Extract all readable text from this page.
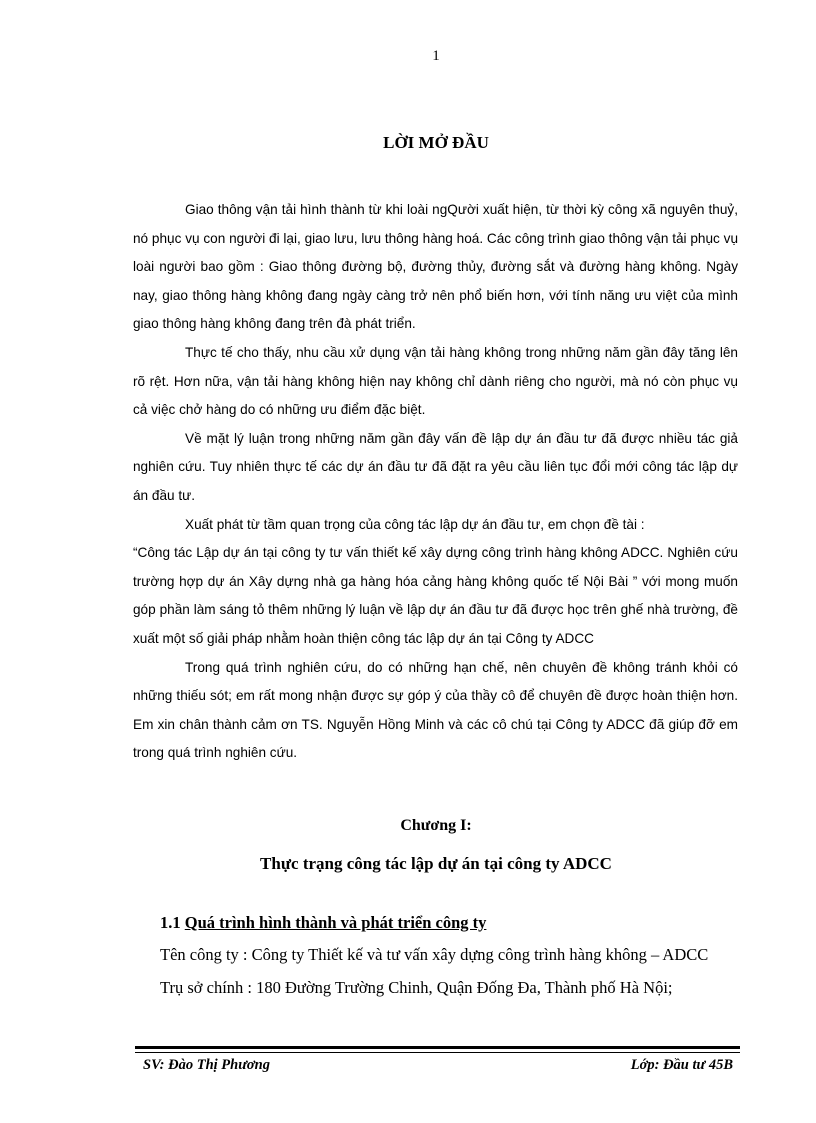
1
LỜI MỞ ĐẦU

Giao thông vận tải hình thành từ khi loài ngQười xuất hiện, từ thời kỳ công xã nguyên thuỷ, nó phục vụ con người đi lại, giao lưu, lưu thông hàng hoá. Các công trình giao thông vận tải phục vụ loài người bao gồm : Giao thông đường bộ, đường thủy, đường sắt và đường hàng không. Ngày nay, giao thông hàng không đang ngày càng trở nên phổ biến hơn, với tính năng ưu việt của mình giao thông hàng không đang trên đà phát triển.

Thực tế cho thấy, nhu cầu xử dụng vận tải hàng không trong những năm gần đây tăng lên rõ rệt. Hơn nữa, vận tải hàng không hiện nay không chỉ dành riêng cho người, mà nó còn phục vụ cả việc chở hàng do có những ưu điểm đặc biệt.

Về mặt lý luận trong những năm gần đây vấn đề lập dự án đầu tư đã được nhiều tác giả nghiên cứu. Tuy nhiên thực tế các dự án đầu tư đã đặt ra yêu cầu liên tục đổi mới công tác lập dự án đầu tư.

Xuất phát từ tầm quan trọng của công tác lập dự án đầu tư, em chọn đề tài :

“Công tác Lập dự án tại công ty tư vấn thiết kế xây dựng công trình hàng không ADCC. Nghiên cứu trường hợp dự án Xây dựng nhà ga hàng hóa cảng hàng không quốc tế Nội Bài ” với mong muốn góp phần làm sáng tỏ thêm những lý luận về lập dự án đầu tư đã được học trên ghế nhà trường, đề xuất một số giải pháp nhằm hoàn thiện công tác lập dự án tại Công ty ADCC

Trong quá trình nghiên cứu, do có những hạn chế, nên chuyên đề không tránh khỏi có những thiếu sót; em rất mong nhận được sự góp ý của thầy cô để chuyên đề được hoàn thiện hơn. Em xin chân thành cảm ơn TS. Nguyễn Hồng Minh và các cô chú tại Công ty ADCC đã giúp đỡ em trong quá trình nghiên cứu.

Chương I:
Thực trạng công tác lập dự án tại công ty ADCC
1.1 Quá trình hình thành và phát triển công ty
Tên công ty : Công ty Thiết kế và tư vấn xây dựng công trình hàng không – ADCC
Trụ sở chính : 180 Đường Trường Chinh, Quận Đống Đa, Thành phố Hà Nội;
SV: Đào Thị Phương	Lớp: Đầu tư 45B
